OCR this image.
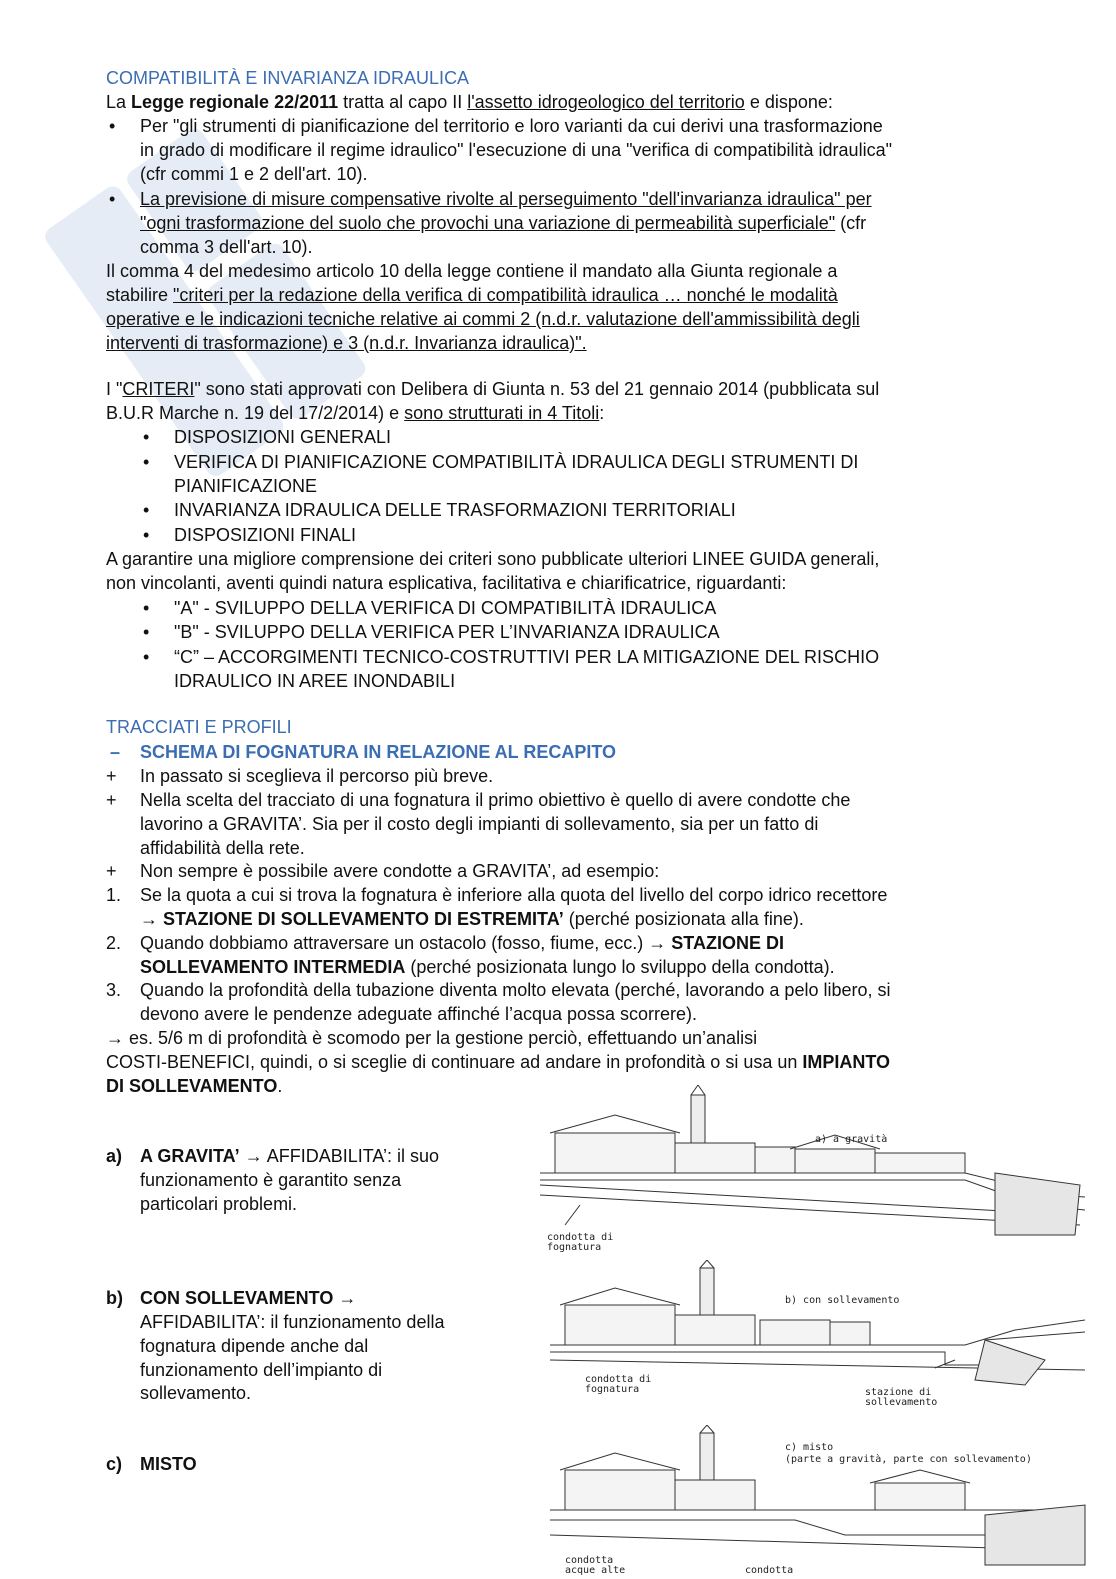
COMPATIBILITÀ E INVARIANZA IDRAULICA

La Legge regionale 22/2011 tratta al capo II l'assetto idrogeologico del territorio e dispone:

• Per "gli strumenti di pianificazione del territorio e loro varianti da cui derivi una trasformazione

in grado di modificare il regime idraulico" l'esecuzione di una "verifica di compatibilità idraulica"

(cfr commi 1 e 2 dell'art. 10).

• La previsione di misure compensative rivolte al perseguimento "dell'invarianza idraulica" per

"ogni trasformazione del suolo che provochi una variazione di permeabilità superficiale" (cfr

comma 3 dell'art. 10).

Il comma 4 del medesimo articolo 10 della legge contiene il mandato alla Giunta regionale a

stabilire "criteri per la redazione della verifica di compatibilità idraulica … nonché le modalità

operative e le indicazioni tecniche relative ai commi 2 (n.d.r. valutazione dell'ammissibilità degli

interventi di trasformazione) e 3 (n.d.r. Invarianza idraulica)".

I "CRITERI" sono stati approvati con Delibera di Giunta n. 53 del 21 gennaio 2014 (pubblicata sul

B.U.R Marche n. 19 del 17/2/2014) e sono strutturati in 4 Titoli:

• DISPOSIZIONI GENERALI

• VERIFICA DI PIANIFICAZIONE COMPATIBILITÀ IDRAULICA DEGLI STRUMENTI DI

PIANIFICAZIONE

• INVARIANZA IDRAULICA DELLE TRASFORMAZIONI TERRITORIALI

• DISPOSIZIONI FINALI

A garantire una migliore comprensione dei criteri sono pubblicate ulteriori LINEE GUIDA generali,

non vincolanti, aventi quindi natura esplicativa, facilitativa e chiarificatrice, riguardanti:

• "A" - SVILUPPO DELLA VERIFICA DI COMPATIBILITÀ IDRAULICA

• "B" - SVILUPPO DELLA VERIFICA PER L’INVARIANZA IDRAULICA

• “C” – ACCORGIMENTI TECNICO-COSTRUTTIVI PER LA MITIGAZIONE DEL RISCHIO

IDRAULICO IN AREE INONDABILI

TRACCIATI E PROFILI

– SCHEMA DI FOGNATURA IN RELAZIONE AL RECAPITO

+ In passato si sceglieva il percorso più breve.

+ Nella scelta del tracciato di una fognatura il primo obiettivo è quello di avere condotte che

lavorino a GRAVITA’. Sia per il costo degli impianti di sollevamento, sia per un fatto di

affidabilità della rete.

+ Non sempre è possibile avere condotte a GRAVITA’, ad esempio:

1. Se la quota a cui si trova la fognatura è inferiore alla quota del livello del corpo idrico recettore

→ STAZIONE DI SOLLEVAMENTO DI ESTREMITA’ (perché posizionata alla fine).

2. Quando dobbiamo attraversare un ostacolo (fosso, fiume, ecc.) → STAZIONE DI

SOLLEVAMENTO INTERMEDIA (perché posizionata lungo lo sviluppo della condotta).

3. Quando la profondità della tubazione diventa molto elevata (perché, lavorando a pelo libero, si

devono avere le pendenze adeguate affinché l’acqua possa scorrere).

→ es. 5/6 m di profondità è scomodo per la gestione perciò, effettuando un’analisi

COSTI-BENEFICI, quindi, o si sceglie di continuare ad andare in profondità o si usa un IMPIANTO

DI SOLLEVAMENTO.

a) A GRAVITA’ → AFFIDABILITA’: il suo

funzionamento è garantito senza

particolari problemi.

b) CON SOLLEVAMENTO →

AFFIDABILITA’: il funzionamento della

fognatura dipende anche dal

funzionamento dell’impianto di

sollevamento.

c) MISTO

a) a gravità
condotta di
fognatura
b) con sollevamento
condotta di
fognatura	stazione di
sollevamento
c) misto
(parte a gravità, parte con sollevamento)
condotta
acque alte	condotta
